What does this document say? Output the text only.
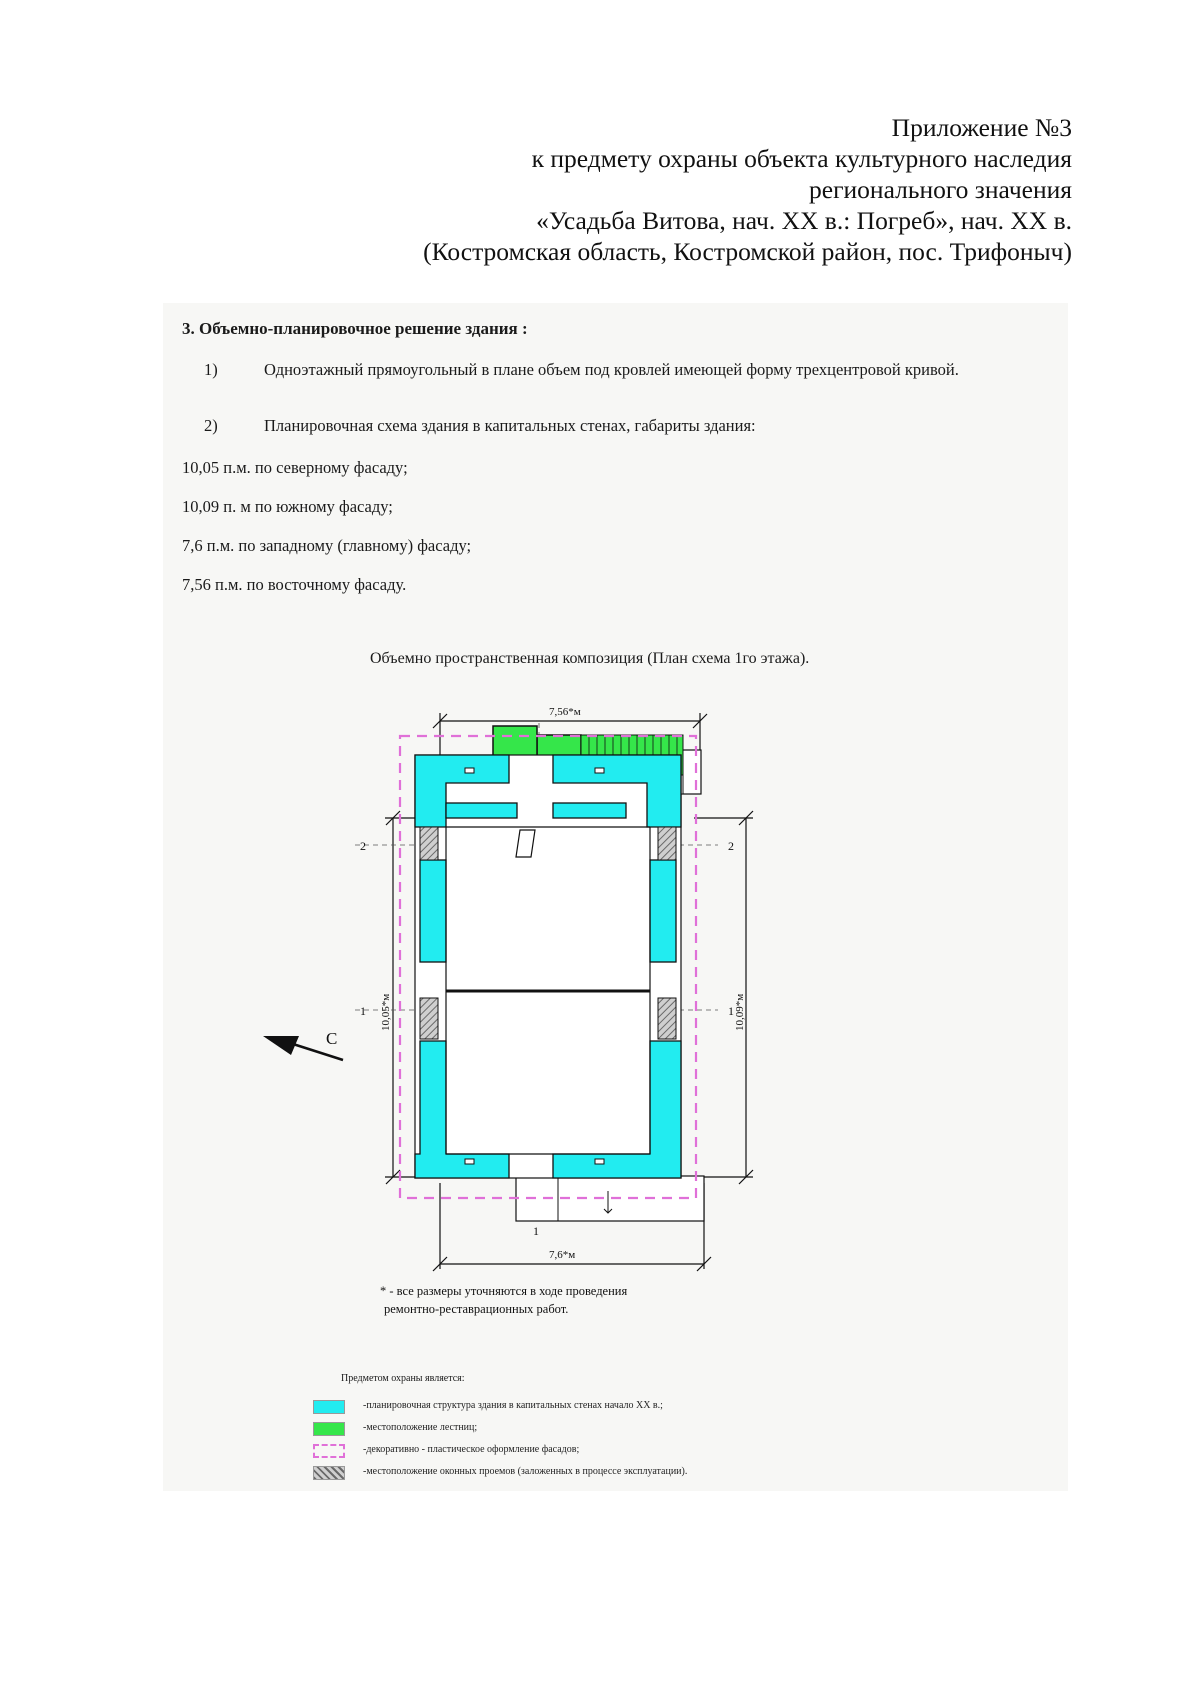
Приложение №3
к предмету охраны объекта культурного наследия
регионального значения
«Усадьба Витова, нач. XX в.: Погреб», нач. XX в.
(Костромская область, Костромской район, пос. Трифоныч)
3. Объемно-планировочное решение здания :
1)	Одноэтажный прямоугольный в плане объем под кровлей имеющей форму трехцентровой кривой.
2)	Планировочная схема здания в капитальных стенах, габариты здания:
10,05 п.м. по северному фасаду;
10,09 п. м по южному фасаду;
7,6 п.м. по западному (главному) фасаду;
7,56 п.м. по восточному фасаду.
Объемно пространственная композиция (План схема 1го этажа).
7,56*м
7,6*м
10,05*м	10,09*м
2	2
1	1
1
С
* - все размеры уточняются в ходе проведения
ремонтно-реставрационных работ.
Предметом охраны является:
-планировочная структура здания в капитальных стенах начало XX в.;
-местоположение лестниц;
-декоративно - пластическое оформление фасадов;
-местоположение оконных проемов (заложенных в процессе эксплуатации).
